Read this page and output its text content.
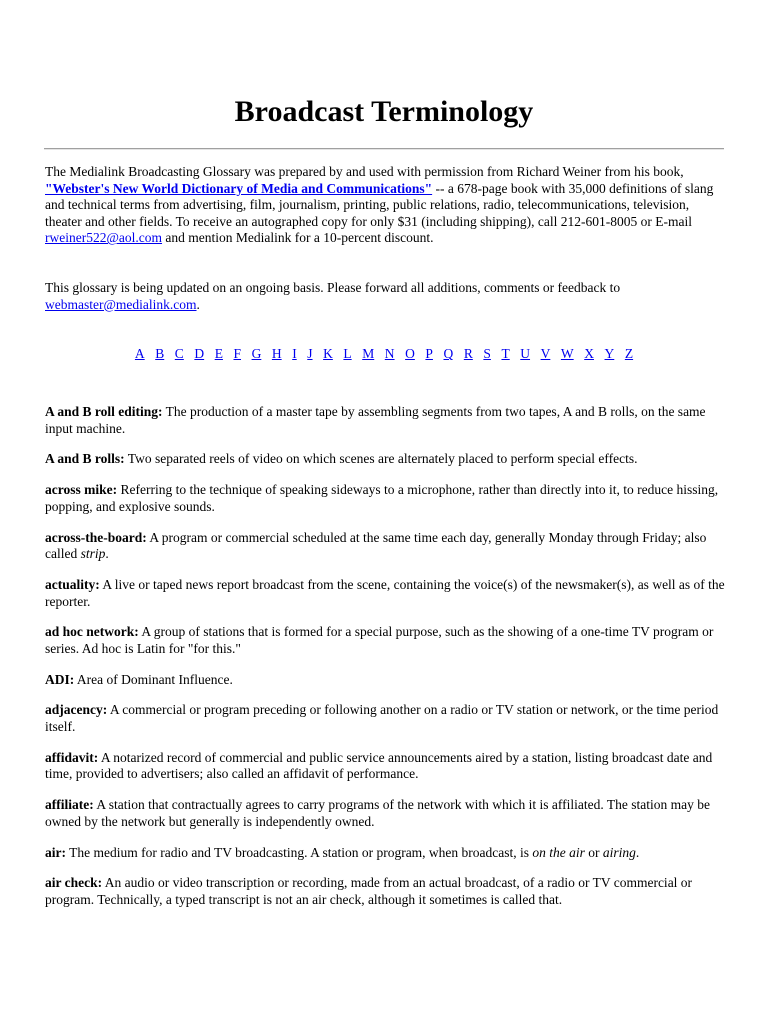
Broadcast Terminology

The Medialink Broadcasting Glossary was prepared by and used with permission from Richard Weiner from his book, "Webster's New World Dictionary of Media and Communications" -- a 678-page book with 35,000 definitions of slang and technical terms from advertising, film, journalism, printing, public relations, radio, telecommunications, television, theater and other fields. To receive an autographed copy for only $31 (including shipping), call 212-601-8005 or E-mail rweiner522@aol.com and mention Medialink for a 10-percent discount.

This glossary is being updated on an ongoing basis. Please forward all additions, comments or feedback to webmaster@medialink.com.

A B C D E F G H I J K L M N O P Q R S T U V W X Y Z

A and B roll editing: The production of a master tape by assembling segments from two tapes, A and B rolls, on the same input machine.

A and B rolls: Two separated reels of video on which scenes are alternately placed to perform special effects.

across mike: Referring to the technique of speaking sideways to a microphone, rather than directly into it, to reduce hissing, popping, and explosive sounds.

across-the-board: A program or commercial scheduled at the same time each day, generally Monday through Friday; also called strip.

actuality: A live or taped news report broadcast from the scene, containing the voice(s) of the newsmaker(s), as well as of the reporter.

ad hoc network: A group of stations that is formed for a special purpose, such as the showing of a one-time TV program or series. Ad hoc is Latin for "for this."

ADI: Area of Dominant Influence.

adjacency: A commercial or program preceding or following another on a radio or TV station or network, or the time period itself.

affidavit: A notarized record of commercial and public service announcements aired by a station, listing broadcast date and time, provided to advertisers; also called an affidavit of performance.

affiliate: A station that contractually agrees to carry programs of the network with which it is affiliated. The station may be owned by the network but generally is independently owned.

air: The medium for radio and TV broadcasting. A station or program, when broadcast, is on the air or airing.

air check: An audio or video transcription or recording, made from an actual broadcast, of a radio or TV commercial or program. Technically, a typed transcript is not an air check, although it sometimes is called that.
